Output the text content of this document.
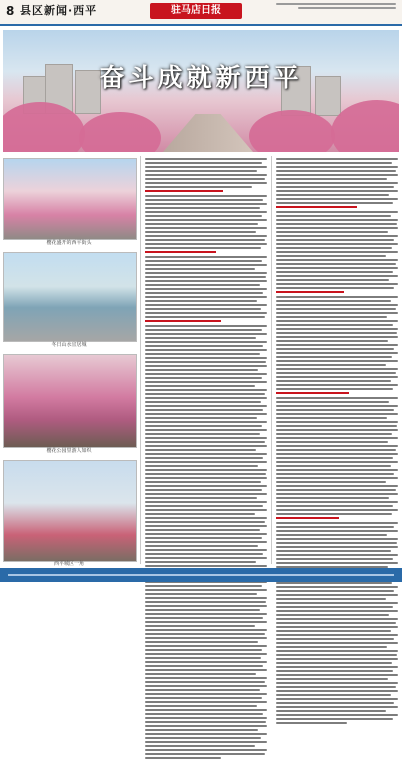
8 县区新闻·西平	驻马店日报
奋斗成就新西平
樱花盛开的西平街头
冬日山水宜居城
樱花公园里游人如织
西平城区一角
